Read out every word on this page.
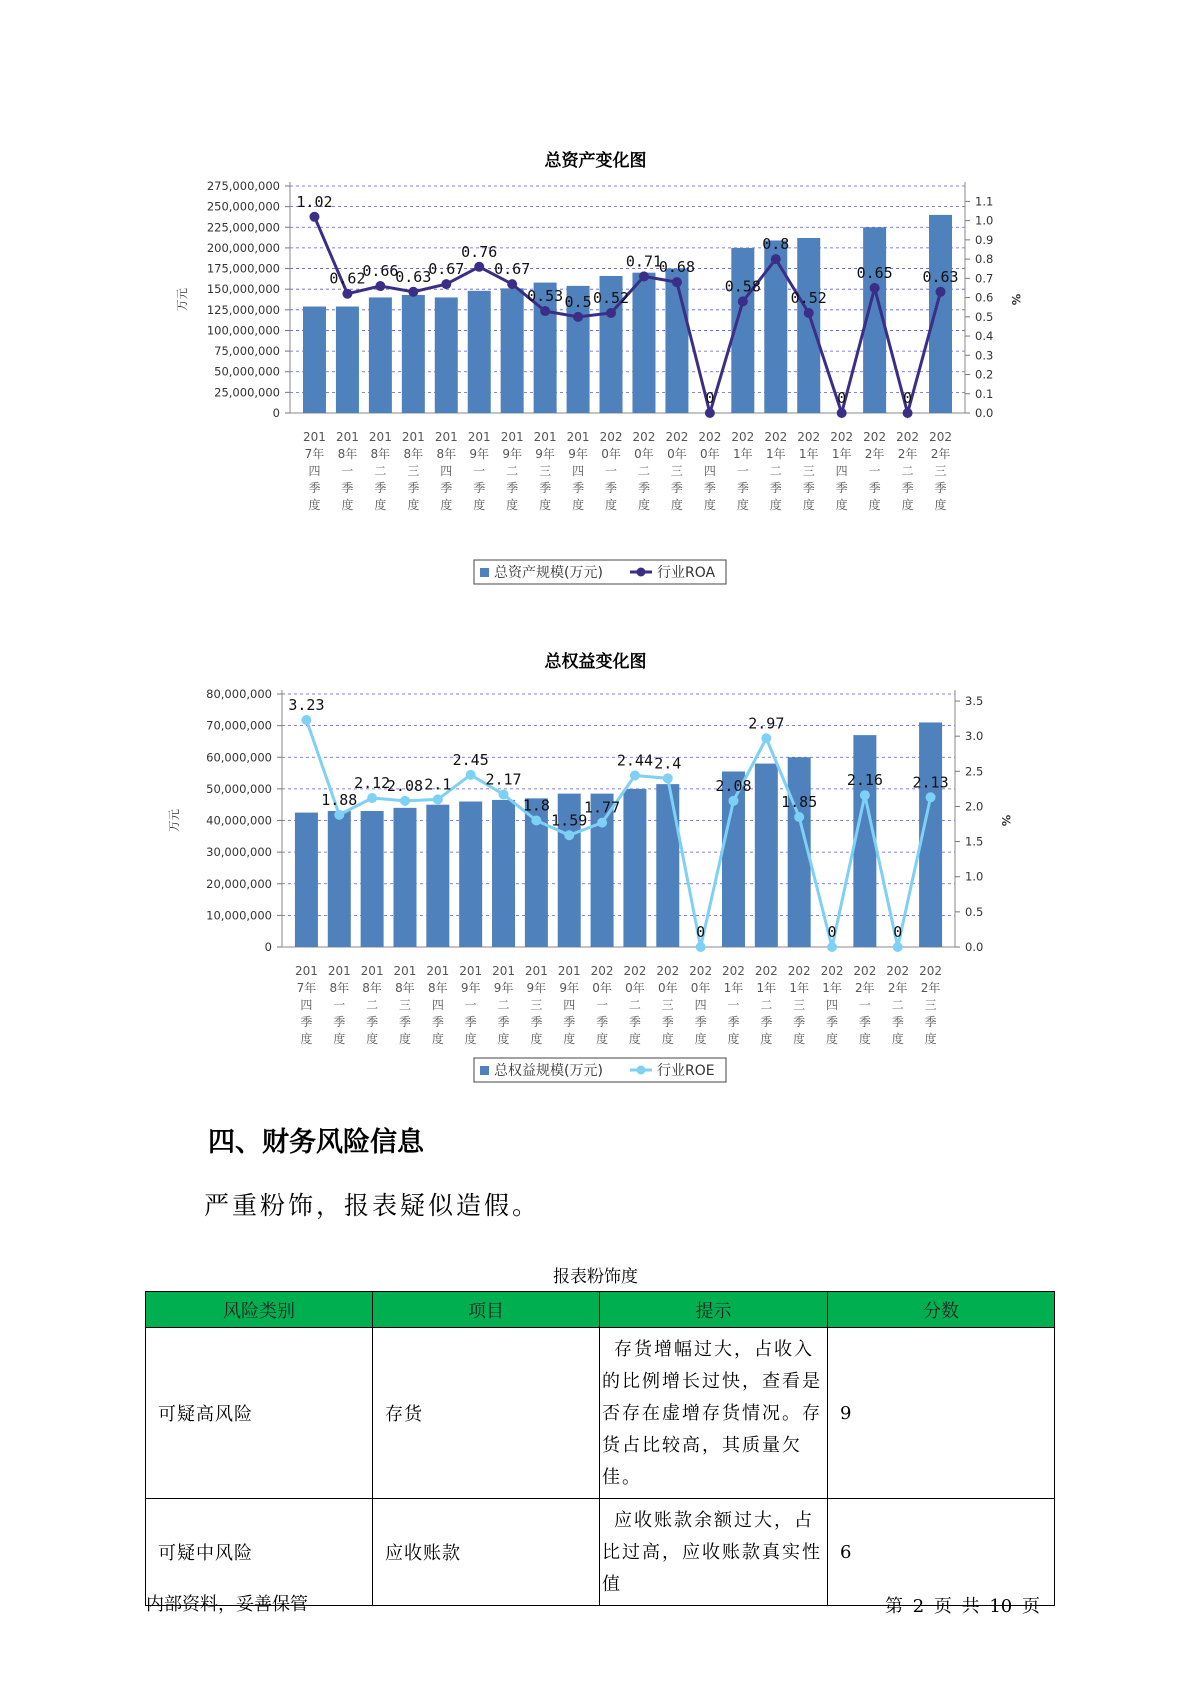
总资产变化图
0
25,000,000
50,000,000
75,000,000
100,000,000
125,000,000
150,000,000
175,000,000
200,000,000
225,000,000
250,000,000
275,000,000
0.0
0.1
0.2
0.3
0.4
0.5
0.6
0.7
0.8
0.9
1.0
1.1
万元	%
201
7年
四
季
度
201
8年
一
季
度
201
8年
二
季
度
201
8年
三
季
度
201
8年
四
季
度
201
9年
一
季
度
201
9年
二
季
度
201
9年
三
季
度
201
9年
四
季
度
202
0年
一
季
度
202
0年
二
季
度
202
0年
三
季
度
202
0年
四
季
度
202
1年
一
季
度
202
1年
二
季
度
202
1年
三
季
度
202
1年
四
季
度
202
2年
一
季
度
202
2年
二
季
度
202
2年
三
季
度
1.02
0.62
0.66
0.63
0.67
0.76
0.67
0.53 0.5 0.52
0.71
0.68
0
0.58
0.8
0.52
0
0.65
0
0.63
总资产规模(万元)	行业ROA
总权益变化图
0
10,000,000
20,000,000
30,000,000
40,000,000
50,000,000
60,000,000
70,000,000
80,000,000
0.0
0.5
1.0
1.5
2.0
2.5
3.0
3.5
万元	%
201
7年
四
季
度
201
8年
一
季
度
201
8年
二
季
度
201
8年
三
季
度
201
8年
四
季
度
201
9年
一
季
度
201
9年
二
季
度
201
9年
三
季
度
201
9年
四
季
度
202
0年
一
季
度
202
0年
二
季
度
202
0年
三
季
度
202
0年
四
季
度
202
1年
一
季
度
202
1年
二
季
度
202
1年
三
季
度
202
1年
四
季
度
202
2年
一
季
度
202
2年
二
季
度
202
2年
三
季
度
3.23
1.88
2.12
2.08 2.1
2.45
2.17
1.8
1.59
1.77
2.44 2.4
0
2.08
2.97
1.85
0
2.16
0
2.13
总权益规模(万元)	行业ROE
四、财务风险信息
严重粉饰，报表疑似造假。
报表粉饰度
风险类别	项目	提示	分数
可疑高风险	存货	存货增幅过大，占收入的比例增长过快，查看是否存在虚增存货情况。存货占比较高，其质量欠佳。	9
可疑中风险	应收账款	应收账款余额过大，占比过高，应收账款真实性值	6
内部资料，妥善保管	第 2 页 共 10 页
